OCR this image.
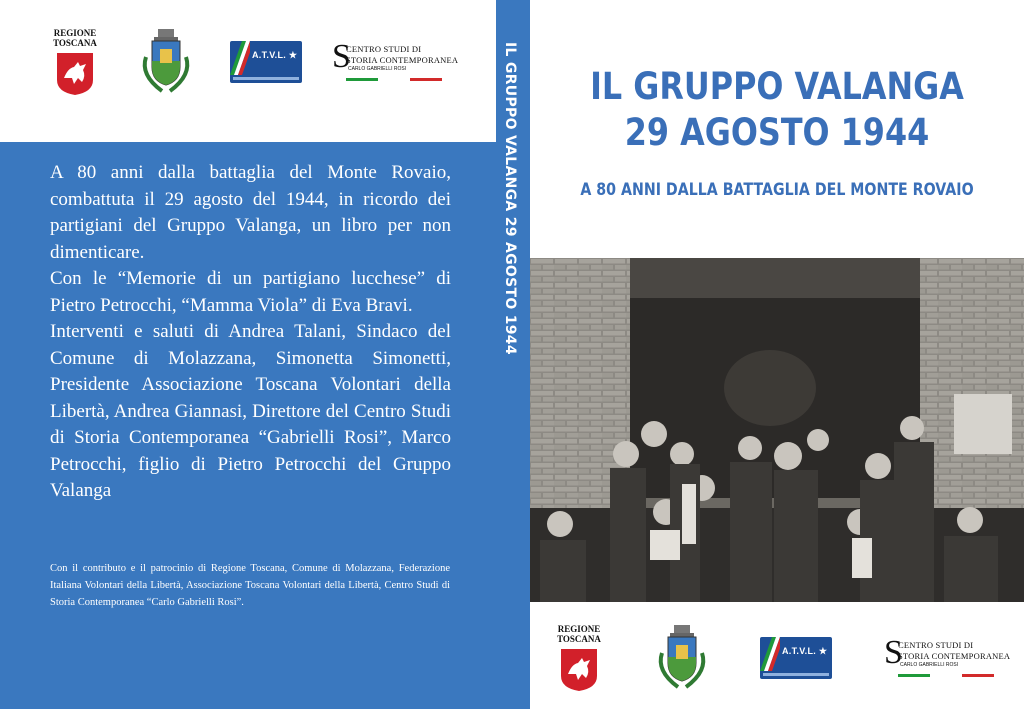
REGIONE
TOSCANA
A.T.V.L. ★ S
CENTRO STUDI DI
STORIA CONTEMPORANEA
CARLO GABRIELLI ROSI

A 80 anni dalla battaglia del Monte Rovaio, combattuta il 29 agosto del 1944, in ricordo dei partigiani del Gruppo Valanga, un libro per non dimenticare.

Con le “Memorie di un partigiano lucchese” di Pietro Petrocchi, “Mamma Viola” di Eva Bravi.

Interventi e saluti di Andrea Talani, Sindaco del Comune di Molazzana, Simonetta Simonetti, Presidente Associazione Toscana Volontari della Libertà, Andrea Giannasi, Direttore del Centro Studi di Storia Contemporanea “Gabrielli Rosi”, Marco Petrocchi, figlio di Pietro Petrocchi del Gruppo Valanga

Con il contributo e il patrocinio di Regione Toscana, Comune di Molazzana, Federazione Italiana Volontari della Libertà, Associazione Toscana Volontari della Libertà, Centro Studi di Storia Contemporanea “Carlo Gabrielli Rosi”.
IL GRUPPO VALANGA 29 AGOSTO 1944	IL GRUPPO VALANGA
29 AGOSTO 1944
A 80 ANNI DALLA BATTAGLIA DEL MONTE ROVAIO
REGIONE
TOSCANA
A.T.V.L. ★ S
CENTRO STUDI DI
STORIA CONTEMPORANEA
CARLO GABRIELLI ROSI
